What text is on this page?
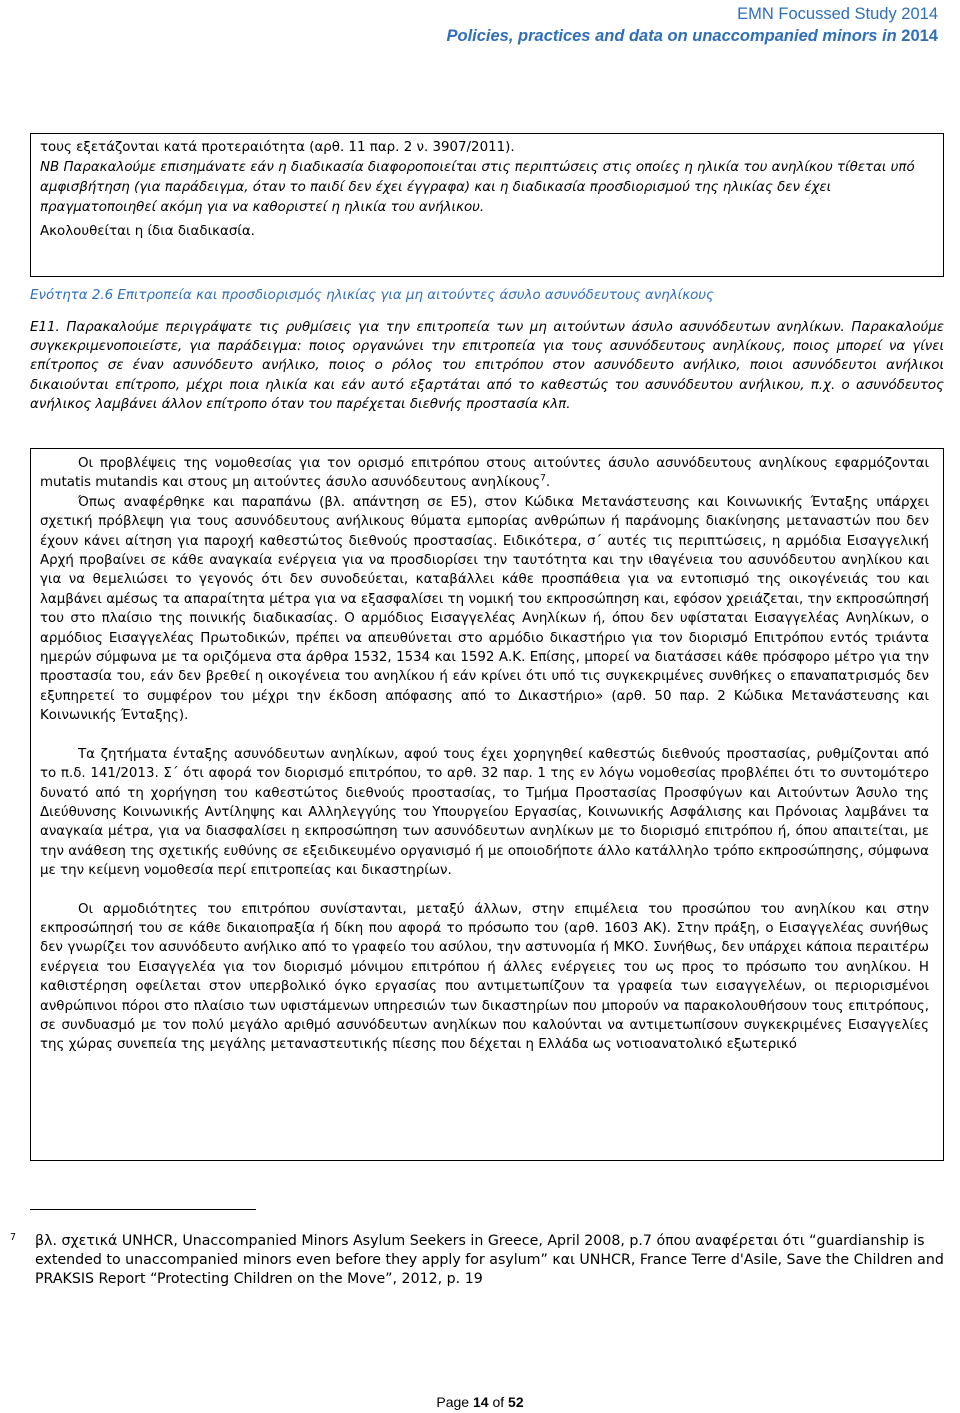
EMN Focussed Study 2014
Policies, practices and data on unaccompanied minors in 2014

τους εξετάζονται κατά προτεραιότητα (αρθ. 11 παρ. 2 ν. 3907/2011).

NB Παρακαλούμε επισημάνατε εάν η διαδικασία διαφοροποιείται στις περιπτώσεις στις οποίες η ηλικία του ανηλίκου τίθεται υπό αμφισβήτηση (για παράδειγμα, όταν το παιδί δεν έχει έγγραφα) και η διαδικασία προσδιορισμού της ηλικίας δεν έχει πραγματοποιηθεί ακόμη για να καθοριστεί η ηλικία του ανήλικου.

Ακολουθείται η ίδια διαδικασία.

Ενότητα 2.6 Επιτροπεία και προσδιορισμός ηλικίας για μη αιτούντες άσυλο ασυνόδευτους ανηλίκους
Ε11. Παρακαλούμε περιγράψατε τις ρυθμίσεις για την επιτροπεία των μη αιτούντων άσυλο ασυνόδευτων ανηλίκων. Παρακαλούμε συγκεκριμενοποιείστε, για παράδειγμα: ποιος οργανώνει την επιτροπεία για τους ασυνόδευτους ανηλίκους, ποιος μπορεί να γίνει επίτροπος σε έναν ασυνόδευτο ανήλικο, ποιος ο ρόλος του επιτρόπου στον ασυνόδευτο ανήλικο, ποιοι ασυνόδευτοι ανήλικοι δικαιούνται επίτροπο, μέχρι ποια ηλικία και εάν αυτό εξαρτάται από το καθεστώς του ασυνόδευτου ανήλικου, π.χ. ο ασυνόδευτος ανήλικος λαμβάνει άλλον επίτροπο όταν του παρέχεται διεθνής προστασία κλπ.

Οι προβλέψεις της νομοθεσίας για τον ορισμό επιτρόπου στους αιτούντες άσυλο ασυνόδευτους ανηλίκους εφαρμόζονται mutatis mutandis και στους μη αιτούντες άσυλο ασυνόδευτους ανηλίκους$^7$.

Όπως αναφέρθηκε και παραπάνω (βλ. απάντηση σε Ε5), στον Κώδικα Μετανάστευσης και Κοινωνικής Ένταξης υπάρχει σχετική πρόβλεψη για τους ασυνόδευτους ανήλικους θύματα εμπορίας ανθρώπων ή παράνομης διακίνησης μεταναστών που δεν έχουν κάνει αίτηση για παροχή καθεστώτος διεθνούς προστασίας. Ειδικότερα, σ΄ αυτές τις περιπτώσεις, η αρμόδια Εισαγγελική Αρχή προβαίνει σε κάθε αναγκαία ενέργεια για να προσδιορίσει την ταυτότητα και την ιθαγένεια του ασυνόδευτου ανηλίκου και για να θεμελιώσει το γεγονός ότι δεν συνοδεύεται, καταβάλλει κάθε προσπάθεια για να εντοπισμό της οικογένειάς του και λαμβάνει αμέσως τα απαραίτητα μέτρα για να εξασφαλίσει τη νομική του εκπροσώπηση και, εφόσον χρειάζεται, την εκπροσώπησή του στο πλαίσιο της ποινικής διαδικασίας. Ο αρμόδιος Εισαγγελέας Ανηλίκων ή, όπου δεν υφίσταται Εισαγγελέας Ανηλίκων, ο αρμόδιος Εισαγγελέας Πρωτοδικών, πρέπει να απευθύνεται στο αρμόδιο δικαστήριο για τον διορισμό Επιτρόπου εντός τριάντα ημερών σύμφωνα με τα οριζόμενα στα άρθρα 1532, 1534 και 1592 Α.Κ. Επίσης, μπορεί να διατάσσει κάθε πρόσφορο μέτρο για την προστασία του, εάν δεν βρεθεί η οικογένεια του ανηλίκου ή εάν κρίνει ότι υπό τις συγκεκριμένες συνθήκες ο επαναπατρισμός δεν εξυπηρετεί το συμφέρον του μέχρι την έκδοση απόφασης από το Δικαστήριο» (αρθ. 50 παρ. 2 Κώδικα Μετανάστευσης και Κοινωνικής Ένταξης).

Τα ζητήματα ένταξης ασυνόδευτων ανηλίκων, αφού τους έχει χορηγηθεί καθεστώς διεθνούς προστασίας, ρυθμίζονται από το π.δ. 141/2013. Σ΄ ότι αφορά τον διορισμό επιτρόπου, το αρθ. 32 παρ. 1 της εν λόγω νομοθεσίας προβλέπει ότι το συντομότερο δυνατό από τη χορήγηση του καθεστώτος διεθνούς προστασίας, το Τμήμα Προστασίας Προσφύγων και Αιτούντων Άσυλο της Διεύθυνσης Κοινωνικής Αντίληψης και Αλληλεγγύης του Υπουργείου Εργασίας, Κοινωνικής Ασφάλισης και Πρόνοιας λαμβάνει τα αναγκαία μέτρα, για να διασφαλίσει η εκπροσώπηση των ασυνόδευτων ανηλίκων με το διορισμό επιτρόπου ή, όπου απαιτείται, με την ανάθεση της σχετικής ευθύνης σε εξειδικευμένο οργανισμό ή με οποιοδήποτε άλλο κατάλληλο τρόπο εκπροσώπησης, σύμφωνα με την κείμενη νομοθεσία περί επιτροπείας και δικαστηρίων.

Οι αρμοδιότητες του επιτρόπου συνίστανται, μεταξύ άλλων, στην επιμέλεια του προσώπου του ανηλίκου και στην εκπροσώπησή του σε κάθε δικαιοπραξία ή δίκη που αφορά το πρόσωπο του (αρθ. 1603 ΑΚ). Στην πράξη, ο Εισαγγελέας συνήθως δεν γνωρίζει τον ασυνόδευτο ανήλικο από το γραφείο του ασύλου, την αστυνομία ή ΜΚΟ. Συνήθως, δεν υπάρχει κάποια περαιτέρω ενέργεια του Εισαγγελέα για τον διορισμό μόνιμου επιτρόπου ή άλλες ενέργειες του ως προς το πρόσωπο του ανηλίκου. Η καθιστέρηση οφείλεται στον υπερβολικό όγκο εργασίας που αντιμετωπίζουν τα γραφεία των εισαγγελέων, οι περιορισμένοι ανθρώπινοι πόροι στο πλαίσιο των υφιστάμενων υπηρεσιών των δικαστηρίων που μπορούν να παρακολουθήσουν τους επιτρόπους, σε συνδυασμό με τον πολύ μεγάλο αριθμό ασυνόδευτων ανηλίκων που καλούνται να αντιμετωπίσουν συγκεκριμένες Εισαγγελίες της χώρας συνεπεία της μεγάλης μεταναστευτικής πίεσης που δέχεται η Ελλάδα ως νοτιοανατολικό εξωτερικό

7	βλ. σχετικά UNHCR, Unaccompanied Minors Asylum Seekers in Greece, April 2008, p.7 όπου αναφέρεται ότι “guardianship is extended to unaccompanied minors even before they apply for asylum” και UNHCR, France Terre d'Asile, Save the Children and PRAKSIS Report “Protecting Children on the Move”, 2012, p. 19
Page 14 of 52
